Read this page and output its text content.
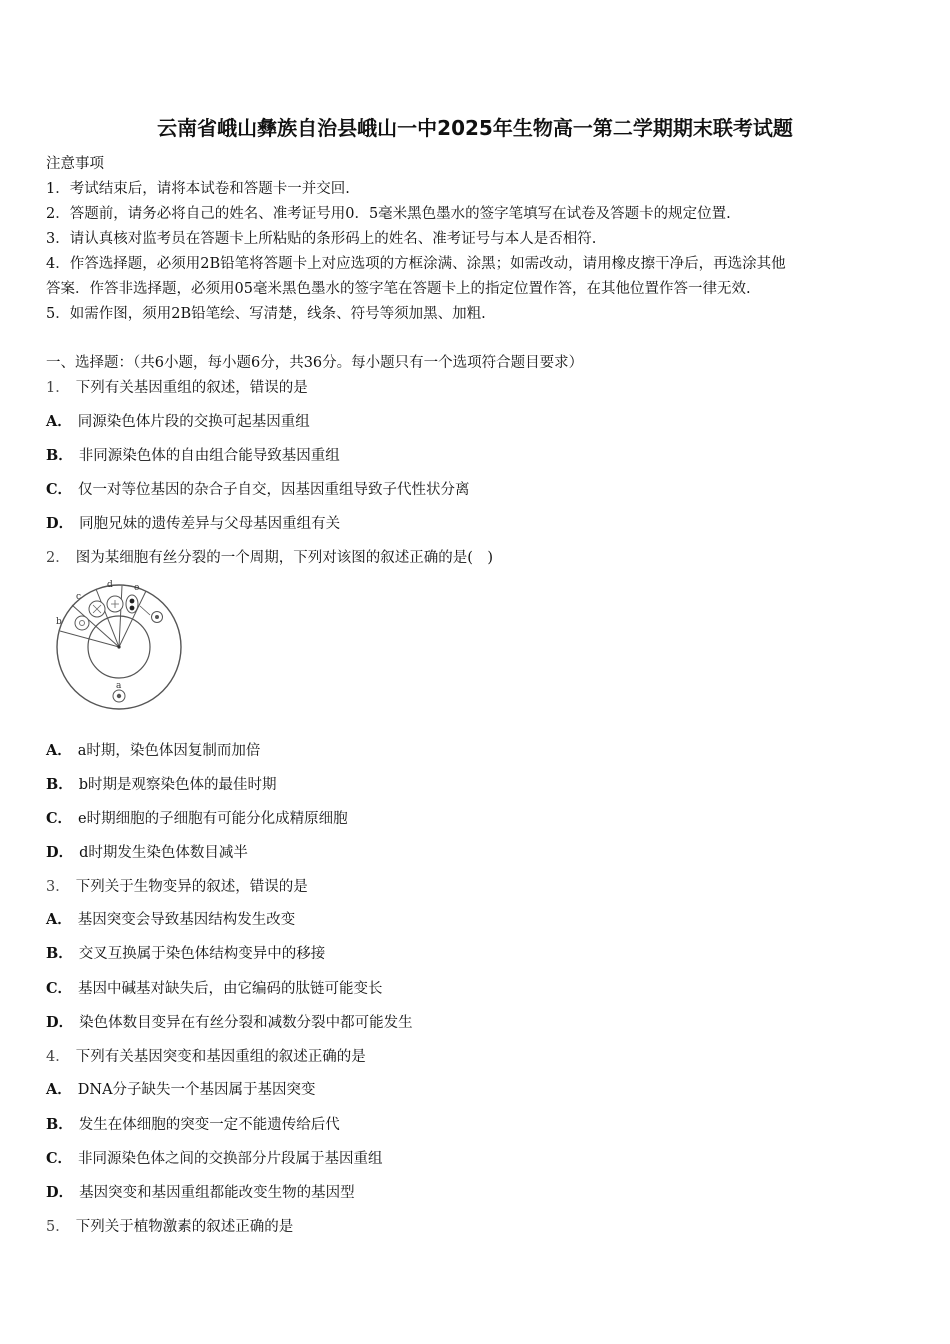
云南省峨山彝族自治县峨山一中2025年生物高一第二学期期末联考试题
注意事项
1．考试结束后，请将本试卷和答题卡一并交回.
2．答题前，请务必将自己的姓名、准考证号用0．5毫米黑色墨水的签字笔填写在试卷及答题卡的规定位置.
3．请认真核对监考员在答题卡上所粘贴的条形码上的姓名、准考证号与本人是否相符.
4．作答选择题，必须用2B铅笔将答题卡上对应选项的方框涂满、涂黑；如需改动，请用橡皮擦干净后，再选涂其他
答案．作答非选择题，必须用05毫米黑色墨水的签字笔在答题卡上的指定位置作答，在其他位置作答一律无效.
5．如需作图，须用2B铅笔绘、写清楚，线条、符号等须加黑、加粗.
一、选择题：（共6小题，每小题6分，共36分。每小题只有一个选项符合题目要求）
1． 下列有关基因重组的叙述，错误的是
A． 同源染色体片段的交换可起基因重组
B． 非同源染色体的自由组合能导致基因重组
C． 仅一对等位基因的杂合子自交，因基因重组导致子代性状分离
D． 同胞兄妹的遗传差异与父母基因重组有关
2． 图为某细胞有丝分裂的一个周期，下列对该图的叙述正确的是(　)
a
b
c
d e
A． a时期，染色体因复制而加倍
B． b时期是观察染色体的最佳时期
C． e时期细胞的子细胞有可能分化成精原细胞
D． d时期发生染色体数目减半
3． 下列关于生物变异的叙述，错误的是
A． 基因突变会导致基因结构发生改变
B． 交叉互换属于染色体结构变异中的移接
C． 基因中碱基对缺失后，由它编码的肽链可能变长
D． 染色体数目变异在有丝分裂和减数分裂中都可能发生
4． 下列有关基因突变和基因重组的叙述正确的是
A． DNA分子缺失一个基因属于基因突变
B． 发生在体细胞的突变一定不能遗传给后代
C． 非同源染色体之间的交换部分片段属于基因重组
D． 基因突变和基因重组都能改变生物的基因型
5． 下列关于植物激素的叙述正确的是
